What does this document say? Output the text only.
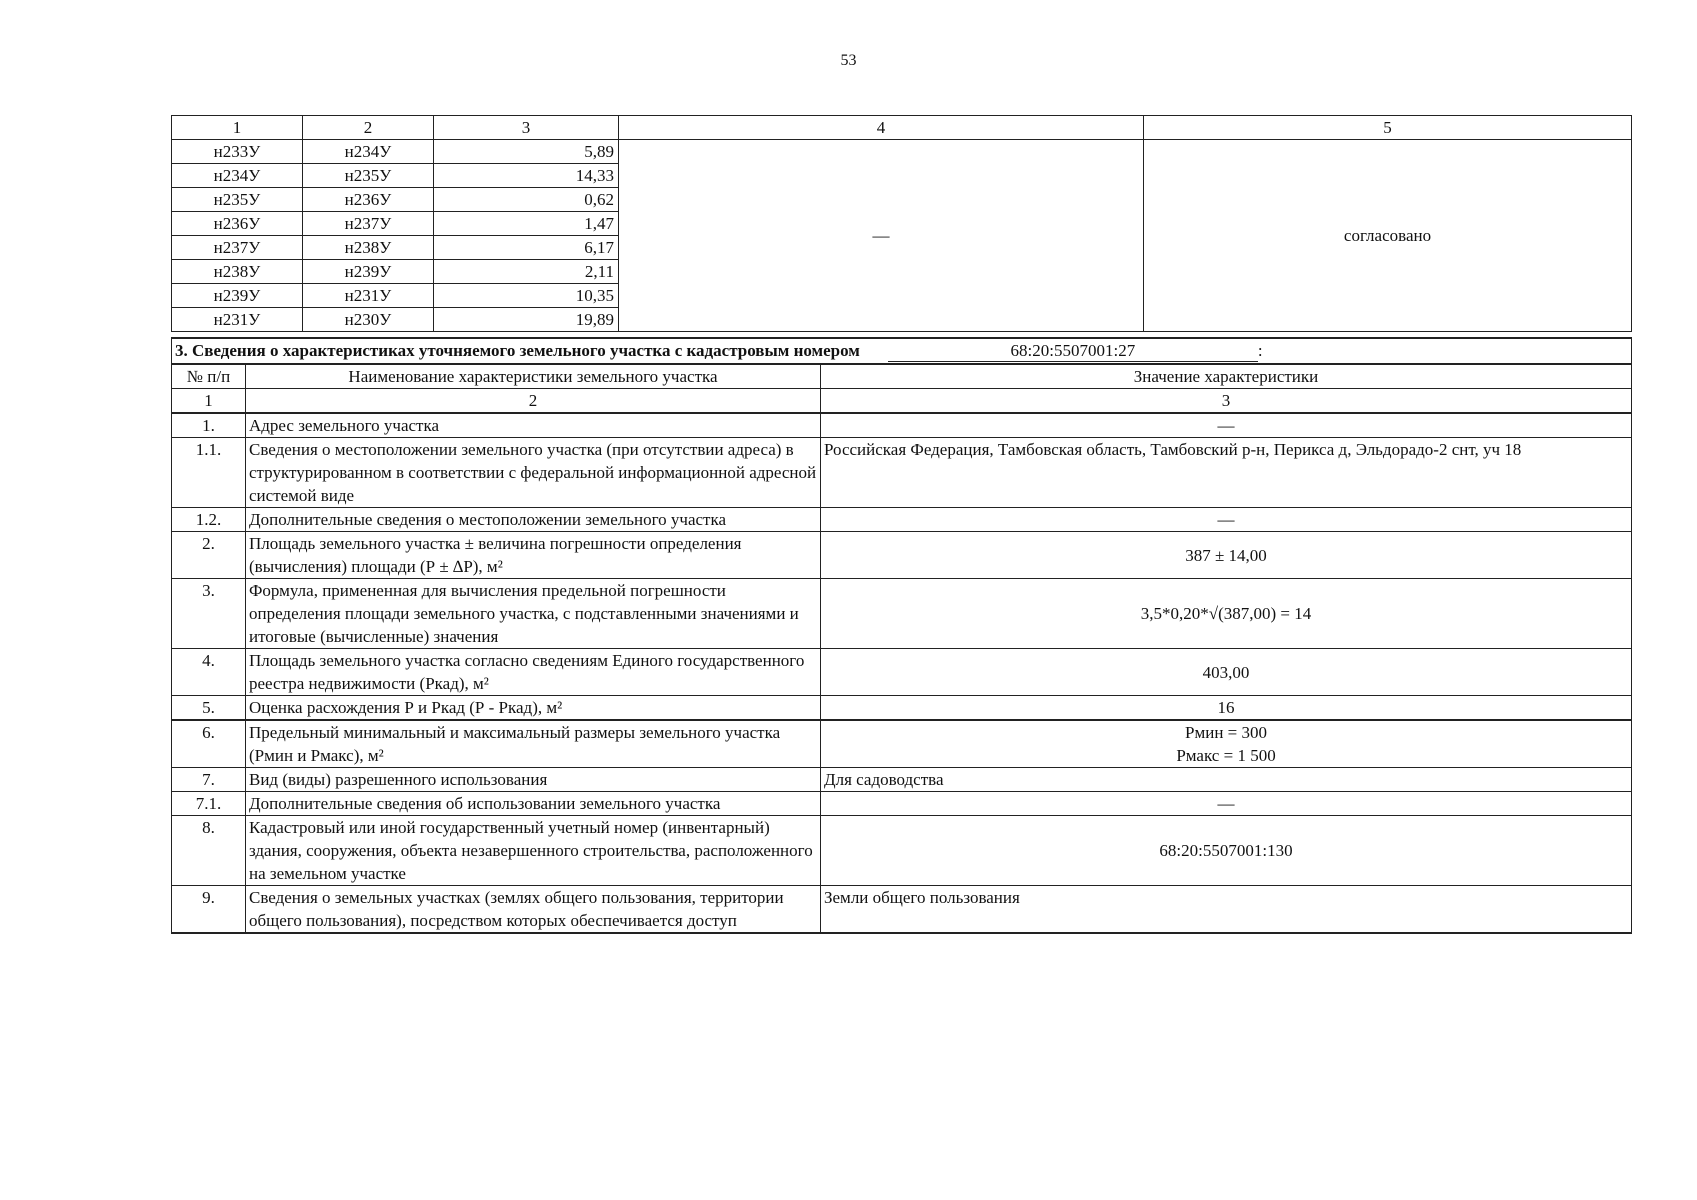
53
1	2	3	4	5
н233У	н234У	5,89	—	согласовано
н234У	н235У	14,33		
н235У	н236У	0,62		
н236У	н237У	1,47		
н237У	н238У	6,17		
н238У	н239У	2,11		
н239У	н231У	10,35		
н231У	н230У	19,89		
3. Сведения о характеристиках уточняемого земельного участка с кадастровым номером 68:20:5507001:27 :		
№ п/п	Наименование характеристики земельного участка	Значение характеристики
1	2	3
1.	Адрес земельного участка	—
1.1.	Сведения о местоположении земельного участка (при отсутствии адреса) в структурированном в соответствии с федеральной информационной адресной системой виде	Российская Федерация, Тамбовская область, Тамбовский р-н, Перикса д, Эльдорадо-2 снт, уч 18
1.2.	Дополнительные сведения о местоположении земельного участка	—
2.	Площадь земельного участка ± величина погрешности определения (вычисления) площади (Р ± ∆Р), м²	387 ± 14,00
3.	Формула, примененная для вычисления предельной погрешности определения площади земельного участка, с подставленными значениями и итоговые (вычисленные) значения	3,5*0,20*√(387,00) = 14
4.	Площадь земельного участка согласно сведениям Единого государственного реестра недвижимости (Ркад), м²	403,00
5.	Оценка расхождения Р и Ркад (Р - Ркад), м²	16
6.	Предельный минимальный и максимальный размеры земельного участка (Рмин и Рмакс), м²	Рмин = 300
Рмакс = 1 500

7.	Вид (виды) разрешенного использования	Для садоводства
7.1.	Дополнительные сведения об использовании земельного участка	—
8.	Кадастровый или иной государственный учетный номер (инвентарный) здания, сооружения, объекта незавершенного строительства, расположенного на земельном участке	68:20:5507001:130
9.	Сведения о земельных участках (землях общего пользования, территории общего пользования), посредством которых обеспечивается доступ	Земли общего пользования
